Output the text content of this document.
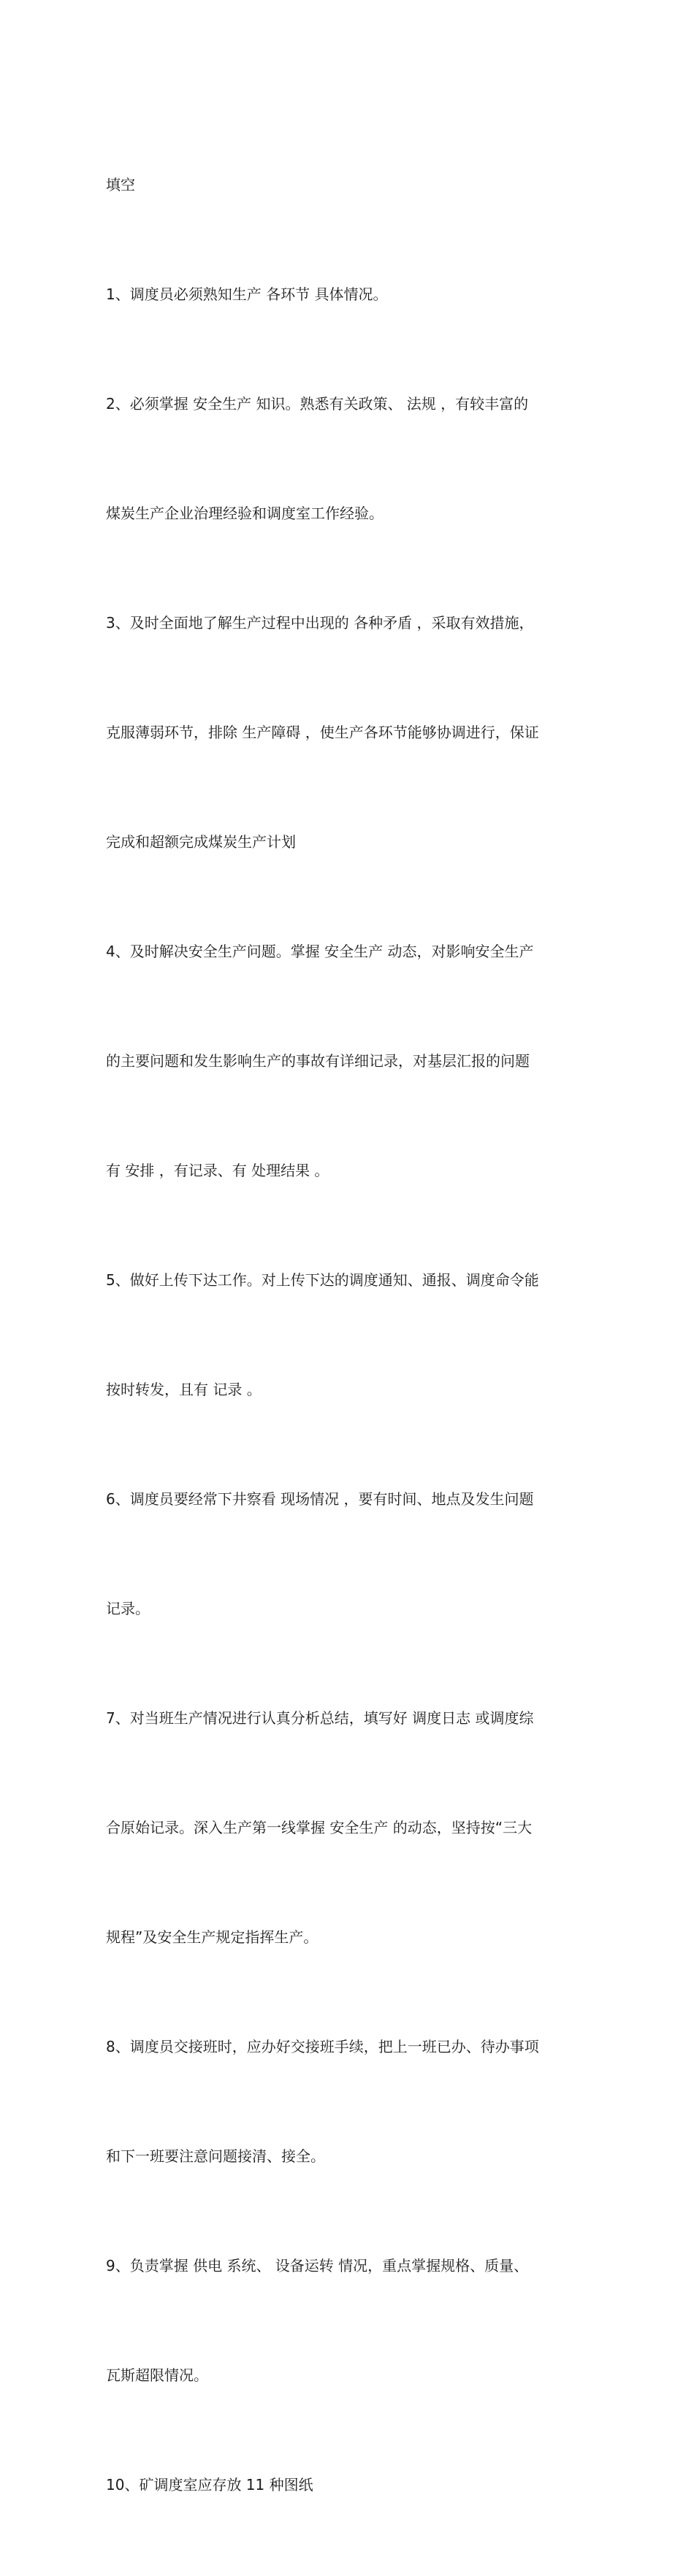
填空

1、调度员必须熟知生产 各环节 具体情况。

2、必须掌握 安全生产 知识。熟悉有关政策、 法规 ，有较丰富的

煤炭生产企业治理经验和调度室工作经验。

3、及时全面地了解生产过程中出现的 各种矛盾 ，采取有效措施，

克服薄弱环节，排除 生产障碍 ，使生产各环节能够协调进行，保证

完成和超额完成煤炭生产计划

4、及时解决安全生产问题。掌握 安全生产 动态，对影响安全生产

的主要问题和发生影响生产的事故有详细记录，对基层汇报的问题

有 安排 ，有记录、有 处理结果 。

5、做好上传下达工作。对上传下达的调度通知、通报、调度命令能

按时转发，且有 记录 。

6、调度员要经常下井察看 现场情况 ，要有时间、地点及发生问题

记录。

7、对当班生产情况进行认真分析总结，填写好 调度日志 或调度综

合原始记录。深入生产第一线掌握 安全生产 的动态，坚持按“三大

规程”及安全生产规定指挥生产。

8、调度员交接班时，应办好交接班手续，把上一班已办、待办事项

和下一班要注意问题接清、接全。

9、负责掌握 供电 系统、 设备运转 情况，重点掌握规格、质量、

瓦斯超限情况。

10、矿调度室应存放 11 种图纸
